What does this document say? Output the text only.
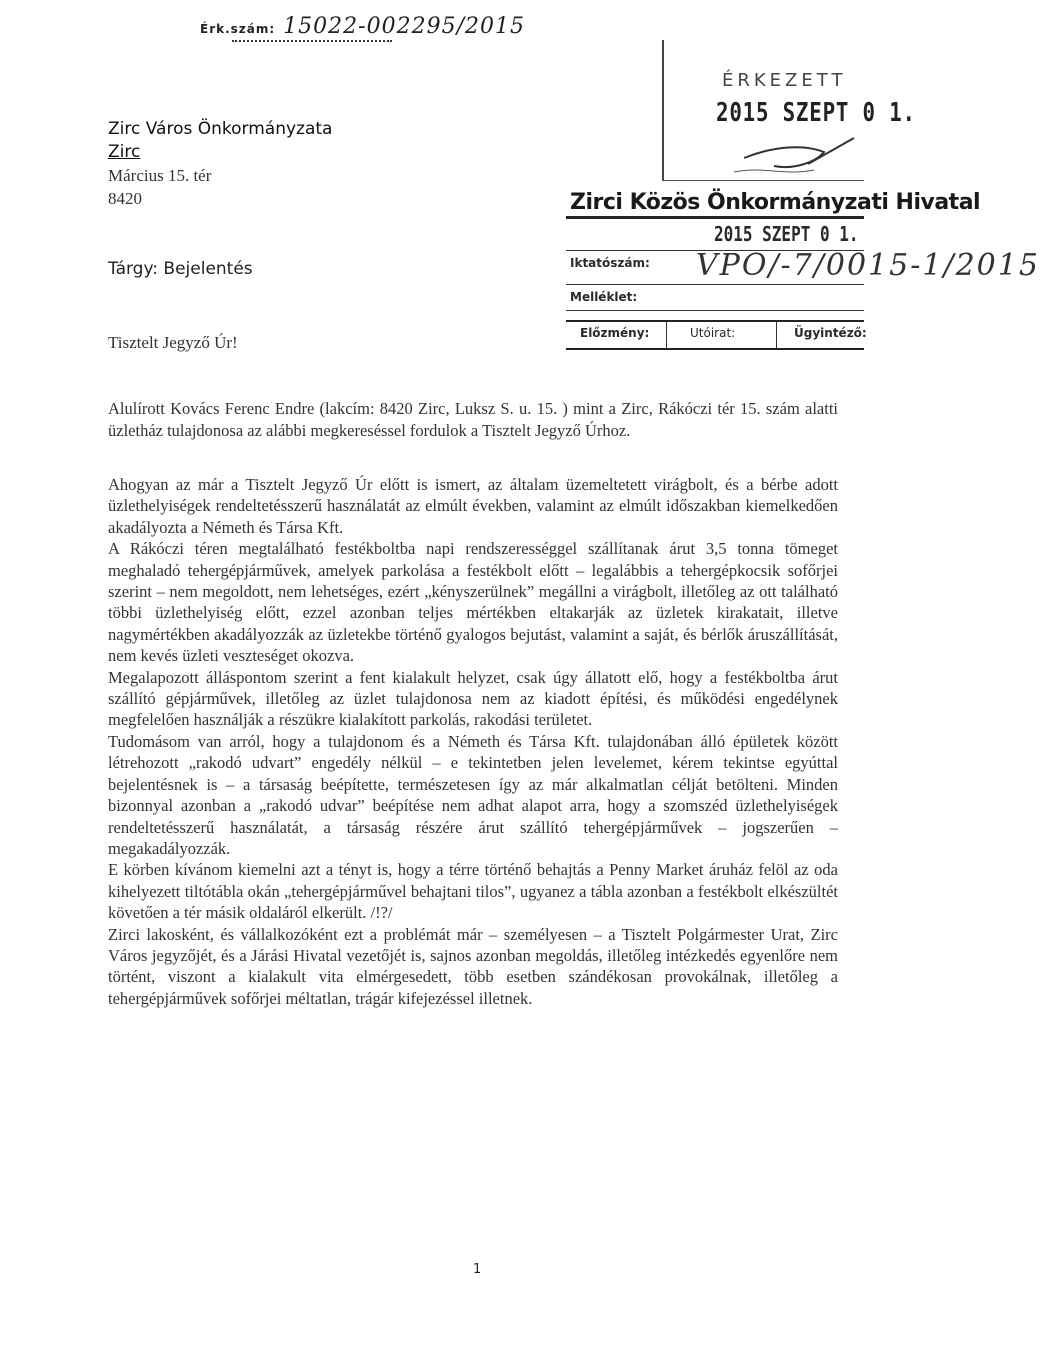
Érk.szám: 15022-002295/2015
ÉRKEZETT
2015 SZEPT 0 1.
Zirci Közös Önkormányzati Hivatal
2015 SZEPT 0 1.
Iktatószám: VPO/-7/0015-1/2015
Melléklet:
Előzmény:	Utóirat:	Ügyintéző:
Zirc Város Önkormányzata
Zirc
Március 15. tér
8420
Tárgy: Bejelentés
Tisztelt Jegyző Úr!
Alulírott Kovács Ferenc Endre (lakcím: 8420 Zirc, Luksz S. u. 15. ) mint a Zirc, Rákóczi tér 15. szám alatti üzletház tulajdonosa az alábbi megkereséssel fordulok a Tisztelt Jegyző Úrhoz.

Ahogyan az már a Tisztelt Jegyző Úr előtt is ismert, az általam üzemeltetett virágbolt, és a bérbe adott üzlethelyiségek rendeltetésszerű használatát az elmúlt években, valamint az elmúlt időszakban kiemelkedően akadályozta a Németh és Társa Kft.

A Rákóczi téren megtalálható festékboltba napi rendszerességgel szállítanak árut 3,5 tonna tömeget meghaladó tehergépjárművek, amelyek parkolása a festékbolt előtt – legalábbis a tehergépkocsik sofőrjei szerint – nem megoldott, nem lehetséges, ezért „kényszerülnek” megállni a virágbolt, illetőleg az ott található többi üzlethelyiség előtt, ezzel azonban teljes mértékben eltakarják az üzletek kirakatait, illetve nagymértékben akadályozzák az üzletekbe történő gyalogos bejutást, valamint a saját, és bérlők áruszállítását, nem kevés üzleti veszteséget okozva.

Megalapozott álláspontom szerint a fent kialakult helyzet, csak úgy állatott elő, hogy a festékboltba árut szállító gépjárművek, illetőleg az üzlet tulajdonosa nem az kiadott építési, és működési engedélynek megfelelően használják a részükre kialakított parkolás, rakodási területet.

Tudomásom van arról, hogy a tulajdonom és a Németh és Társa Kft. tulajdonában álló épületek között létrehozott „rakodó udvart” engedély nélkül – e tekintetben jelen levelemet, kérem tekintse egyúttal bejelentésnek is – a társaság beépítette, természetesen így az már alkalmatlan célját betölteni. Minden bizonnyal azonban a „rakodó udvar” beépítése nem adhat alapot arra, hogy a szomszéd üzlethelyiségek rendeltetésszerű használatát, a társaság részére árut szállító tehergépjárművek – jogszerűen – megakadályozzák.

E körben kívánom kiemelni azt a tényt is, hogy a térre történő behajtás a Penny Market áruház felöl az oda kihelyezett tiltótábla okán „tehergépjárművel behajtani tilos”, ugyanez a tábla azonban a festékbolt elkészültét követően a tér másik oldaláról elkerült. /!?/

Zirci lakosként, és vállalkozóként ezt a problémát már – személyesen – a Tisztelt Polgármester Urat, Zirc Város jegyzőjét, és a Járási Hivatal vezetőjét is, sajnos azonban megoldás, illetőleg intézkedés egyenlőre nem történt, viszont a kialakult vita elmérgesedett, több esetben szándékosan provokálnak, illetőleg a tehergépjárművek sofőrjei méltatlan, trágár kifejezéssel illetnek.

1
